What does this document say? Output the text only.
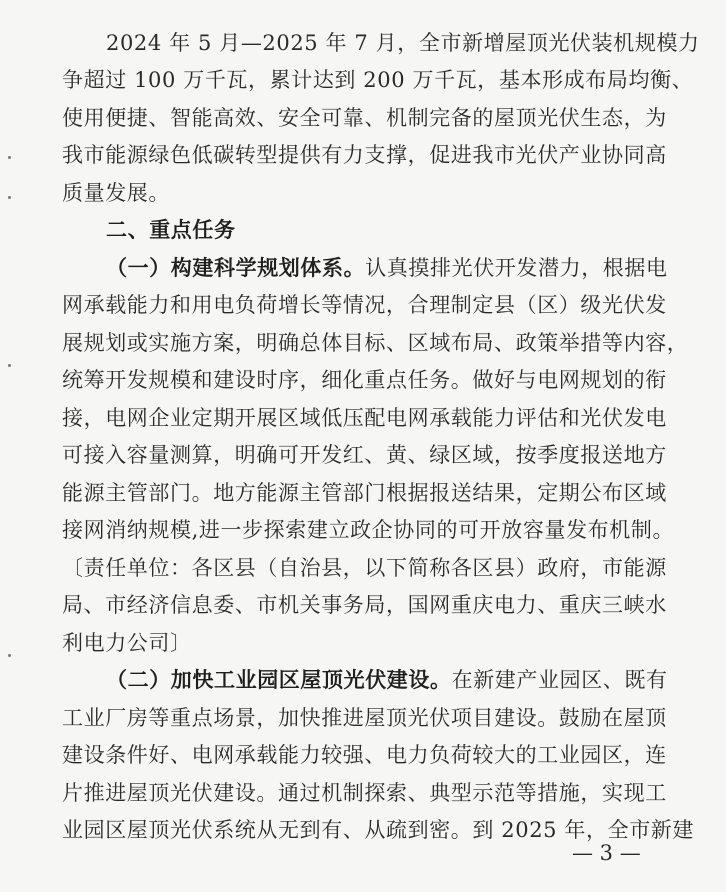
2024 年 5 月—2025 年 7 月，全市新增屋顶光伏装机规模力
争超过 100 万千瓦，累计达到 200 万千瓦，基本形成布局均衡、
使用便捷、智能高效、安全可靠、机制完备的屋顶光伏生态，为
我市能源绿色低碳转型提供有力支撑，促进我市光伏产业协同高
质量发展。
二、重点任务
（一）构建科学规划体系。认真摸排光伏开发潜力，根据电
网承载能力和用电负荷增长等情况，合理制定县（区）级光伏发
展规划或实施方案，明确总体目标、区域布局、政策举措等内容，
统筹开发规模和建设时序，细化重点任务。做好与电网规划的衔
接，电网企业定期开展区域低压配电网承载能力评估和光伏发电
可接入容量测算，明确可开发红、黄、绿区域，按季度报送地方
能源主管部门。地方能源主管部门根据报送结果，定期公布区域
接网消纳规模,进一步探索建立政企协同的可开放容量发布机制。
〔责任单位：各区县（自治县，以下简称各区县）政府，市能源
局、市经济信息委、市机关事务局，国网重庆电力、重庆三峡水
利电力公司〕
（二）加快工业园区屋顶光伏建设。在新建产业园区、既有
工业厂房等重点场景，加快推进屋顶光伏项目建设。鼓励在屋顶
建设条件好、电网承载能力较强、电力负荷较大的工业园区，连
片推进屋顶光伏建设。通过机制探索、典型示范等措施，实现工
业园区屋顶光伏系统从无到有、从疏到密。到 2025 年，全市新建
— 3 —
